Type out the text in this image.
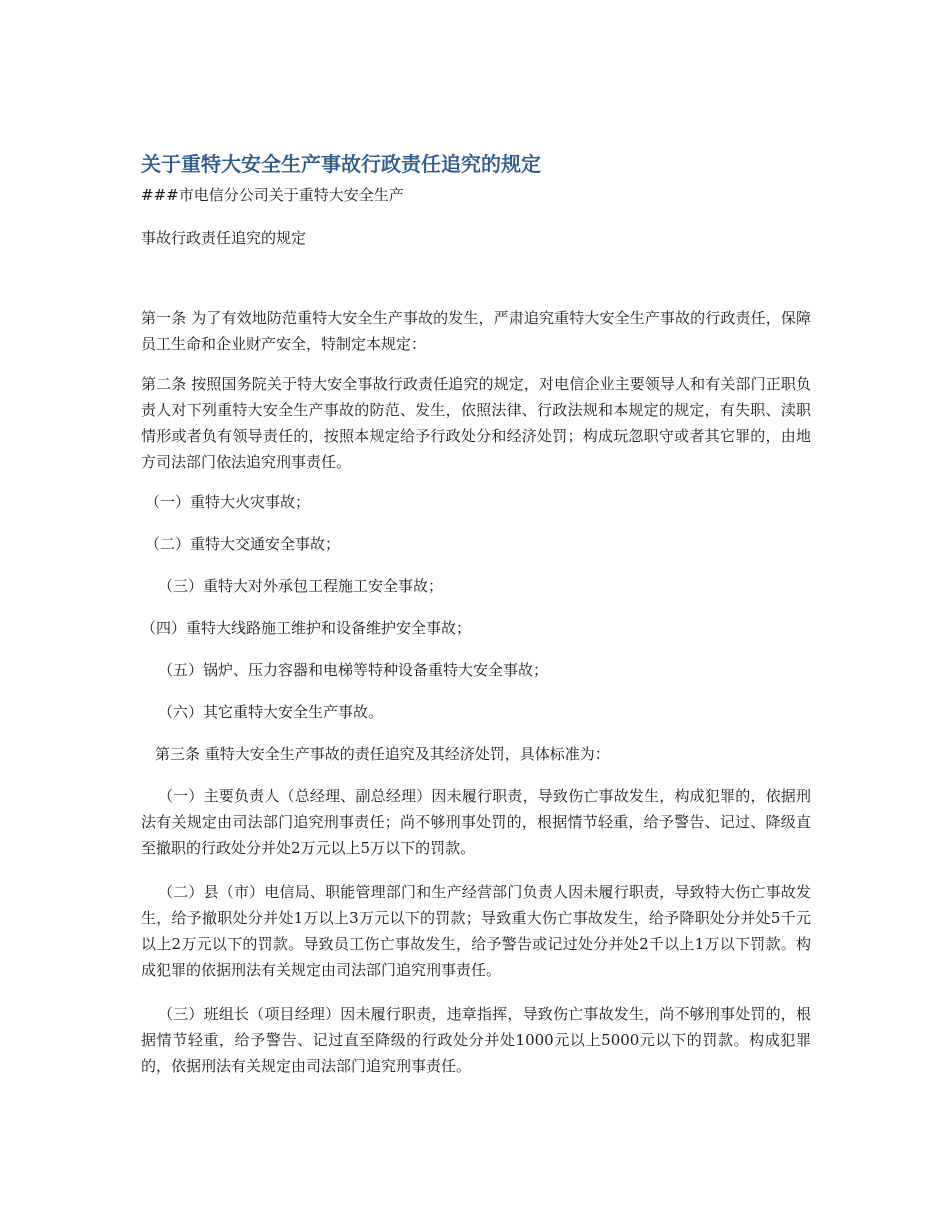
关于重特大安全生产事故行政责任追究的规定

###市电信分公司关于重特大安全生产

事故行政责任追究的规定

第一条 为了有效地防范重特大安全生产事故的发生，严肃追究重特大安全生产事故的行政责任，保障员工生命和企业财产安全，特制定本规定：

第二条 按照国务院关于特大安全事故行政责任追究的规定，对电信企业主要领导人和有关部门正职负责人对下列重特大安全生产事故的防范、发生，依照法律、行政法规和本规定的规定，有失职、渎职情形或者负有领导责任的，按照本规定给予行政处分和经济处罚；构成玩忽职守或者其它罪的，由地方司法部门依法追究刑事责任。

（一）重特大火灾事故；

（二）重特大交通安全事故；

（三）重特大对外承包工程施工安全事故；

（四）重特大线路施工维护和设备维护安全事故；

（五）锅炉、压力容器和电梯等特种设备重特大安全事故；

（六）其它重特大安全生产事故。

第三条 重特大安全生产事故的责任追究及其经济处罚，具体标准为：

（一）主要负责人（总经理、副总经理）因未履行职责，导致伤亡事故发生，构成犯罪的，依据刑法有关规定由司法部门追究刑事责任；尚不够刑事处罚的，根据情节轻重，给予警告、记过、降级直至撤职的行政处分并处2万元以上5万以下的罚款。

（二）县（市）电信局、职能管理部门和生产经营部门负责人因未履行职责，导致特大伤亡事故发生，给予撤职处分并处1万以上3万元以下的罚款；导致重大伤亡事故发生，给予降职处分并处5千元以上2万元以下的罚款。导致员工伤亡事故发生，给予警告或记过处分并处2千以上1万以下罚款。构成犯罪的依据刑法有关规定由司法部门追究刑事责任。

（三）班组长（项目经理）因未履行职责，违章指挥，导致伤亡事故发生，尚不够刑事处罚的，根据情节轻重，给予警告、记过直至降级的行政处分并处1000元以上5000元以下的罚款。构成犯罪的，依据刑法有关规定由司法部门追究刑事责任。
